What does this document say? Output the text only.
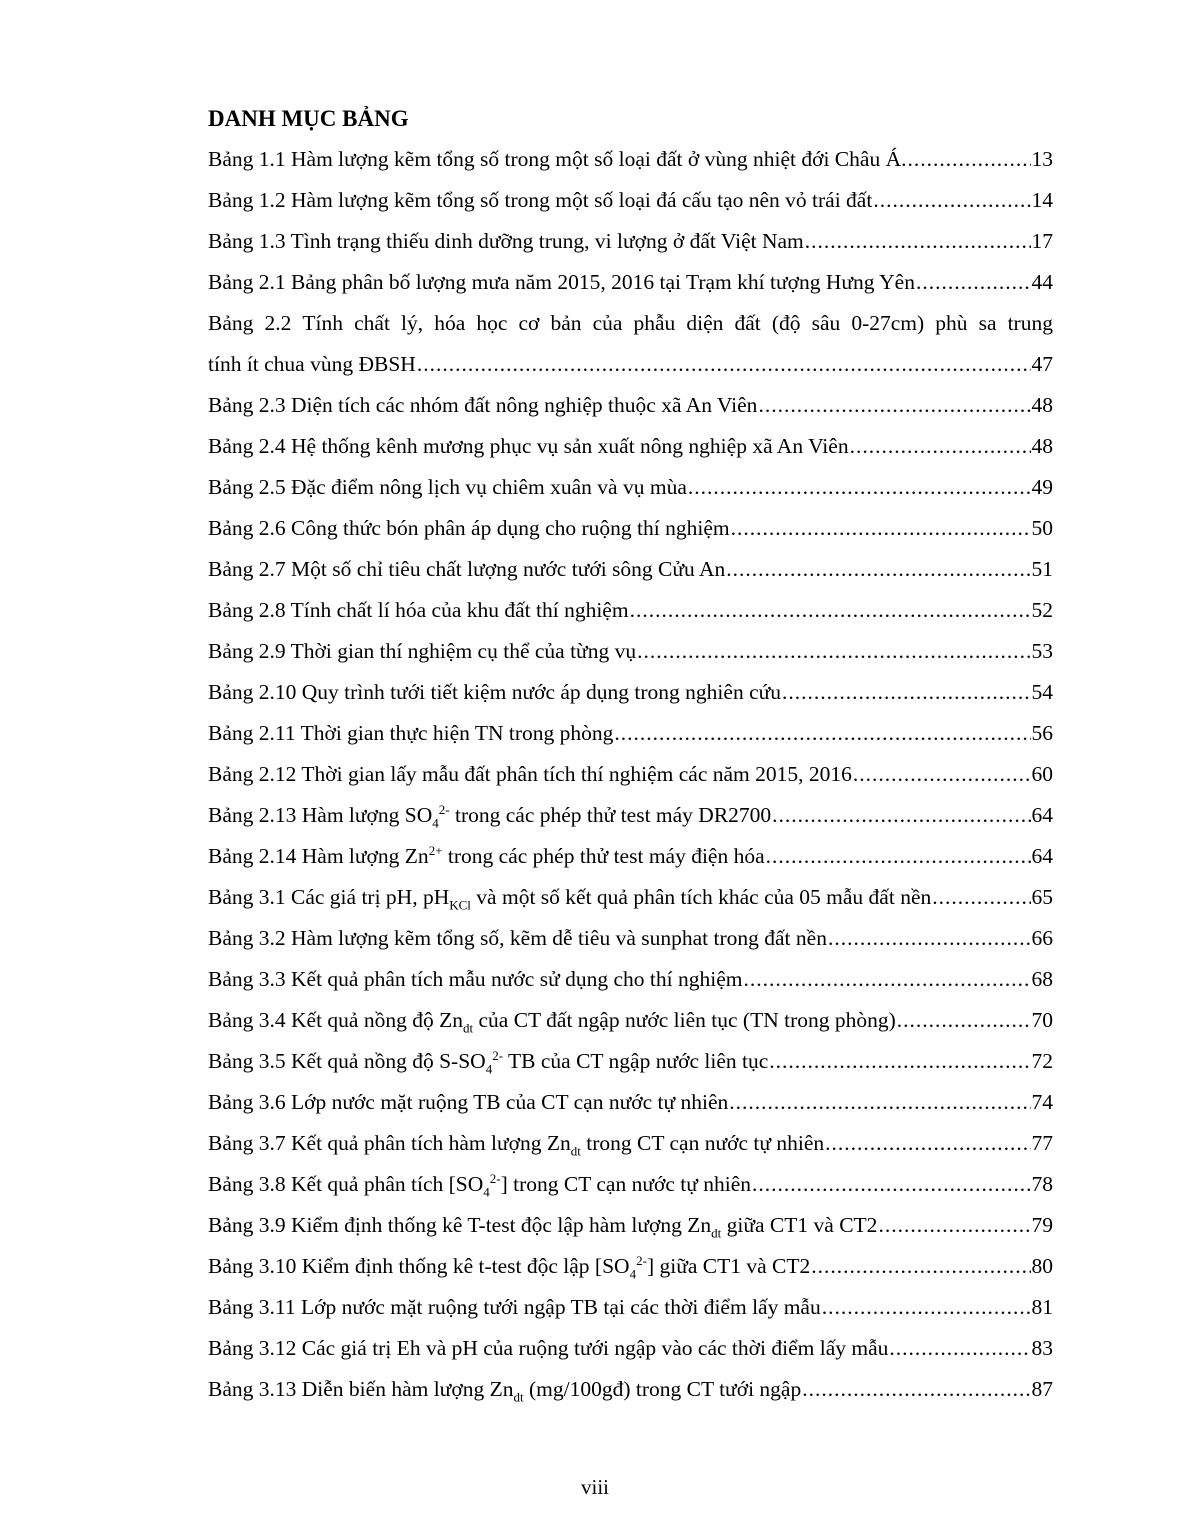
DANH MỤC BẢNG
Bảng 1.1 Hàm lượng kẽm tổng số trong một số loại đất ở vùng nhiệt đới Châu Á. .....	13
Bảng 1.2 Hàm lượng kẽm tổng số trong một số loại đá cấu tạo nên vỏ trái đất .....	14
Bảng 1.3 Tình trạng thiếu dinh dưỡng trung, vi lượng ở đất Việt Nam .....	17
Bảng 2.1 Bảng phân bố lượng mưa năm 2015, 2016 tại Trạm khí tượng Hưng Yên .....	44
Bảng 2.2 Tính chất lý, hóa học cơ bản của phẫu diện đất (độ sâu 0-27cm) phù sa trung
tính ít chua vùng ĐBSH .....	47
Bảng 2.3 Diện tích các nhóm đất nông nghiệp thuộc xã An Viên .....	48
Bảng 2.4 Hệ thống kênh mương phục vụ sản xuất nông nghiệp xã An Viên .....	48
Bảng 2.5 Đặc điểm nông lịch vụ chiêm xuân và vụ mùa .....	49
Bảng 2.6 Công thức bón phân áp dụng cho ruộng thí nghiệm .....	50
Bảng 2.7 Một số chỉ tiêu chất lượng nước tưới sông Cửu An .....	51
Bảng 2.8 Tính chất lí hóa của khu đất thí nghiệm .....	52
Bảng 2.9 Thời gian thí nghiệm cụ thể của từng vụ .....	53
Bảng 2.10 Quy trình tưới tiết kiệm nước áp dụng trong nghiên cứu .....	54
Bảng 2.11 Thời gian thực hiện TN trong phòng .....	56
Bảng 2.12 Thời gian lấy mẫu đất phân tích thí nghiệm các năm 2015, 2016 .....	60
Bảng 2.13 Hàm lượng $SO_4^{2-}$ trong các phép thử test máy DR2700 .....	64
Bảng 2.14 Hàm lượng $Zn^{2+}$ trong các phép thử test máy điện hóa .....	64
Bảng 3.1 Các giá trị pH, $pH_{KCl}$ và một số kết quả phân tích khác của 05 mẫu đất nền .....	65
Bảng 3.2 Hàm lượng kẽm tổng số, kẽm dễ tiêu và sunphat trong đất nền .....	66
Bảng 3.3 Kết quả phân tích mẫu nước sử dụng cho thí nghiệm .....	68
Bảng 3.4 Kết quả nồng độ $Zn_{dt}$ của CT đất ngập nước liên tục (TN trong phòng) .....	70
Bảng 3.5 Kết quả nồng độ $S-SO_4^{2-}$ TB của CT ngập nước liên tục .....	72
Bảng 3.6 Lớp nước mặt ruộng TB của CT cạn nước tự nhiên .....	74
Bảng 3.7 Kết quả phân tích hàm lượng $Zn_{dt}$ trong CT cạn nước tự nhiên .....	77
Bảng 3.8 Kết quả phân tích $[SO_4^{2-}]$ trong CT cạn nước tự nhiên .....	78
Bảng 3.9 Kiểm định thống kê T-test độc lập hàm lượng $Zn_{dt}$ giữa CT1 và CT2 .....	79
Bảng 3.10 Kiểm định thống kê t-test độc lập $[SO_4^{2-}]$ giữa CT1 và CT2 .....	80
Bảng 3.11 Lớp nước mặt ruộng tưới ngập TB tại các thời điểm lấy mẫu .....	81
Bảng 3.12 Các giá trị Eh và pH của ruộng tưới ngập vào các thời điểm lấy mẫu .....	83
Bảng 3.13 Diễn biến hàm lượng $Zn_{dt}$ (mg/100gđ) trong CT tưới ngập .....	87
viii
